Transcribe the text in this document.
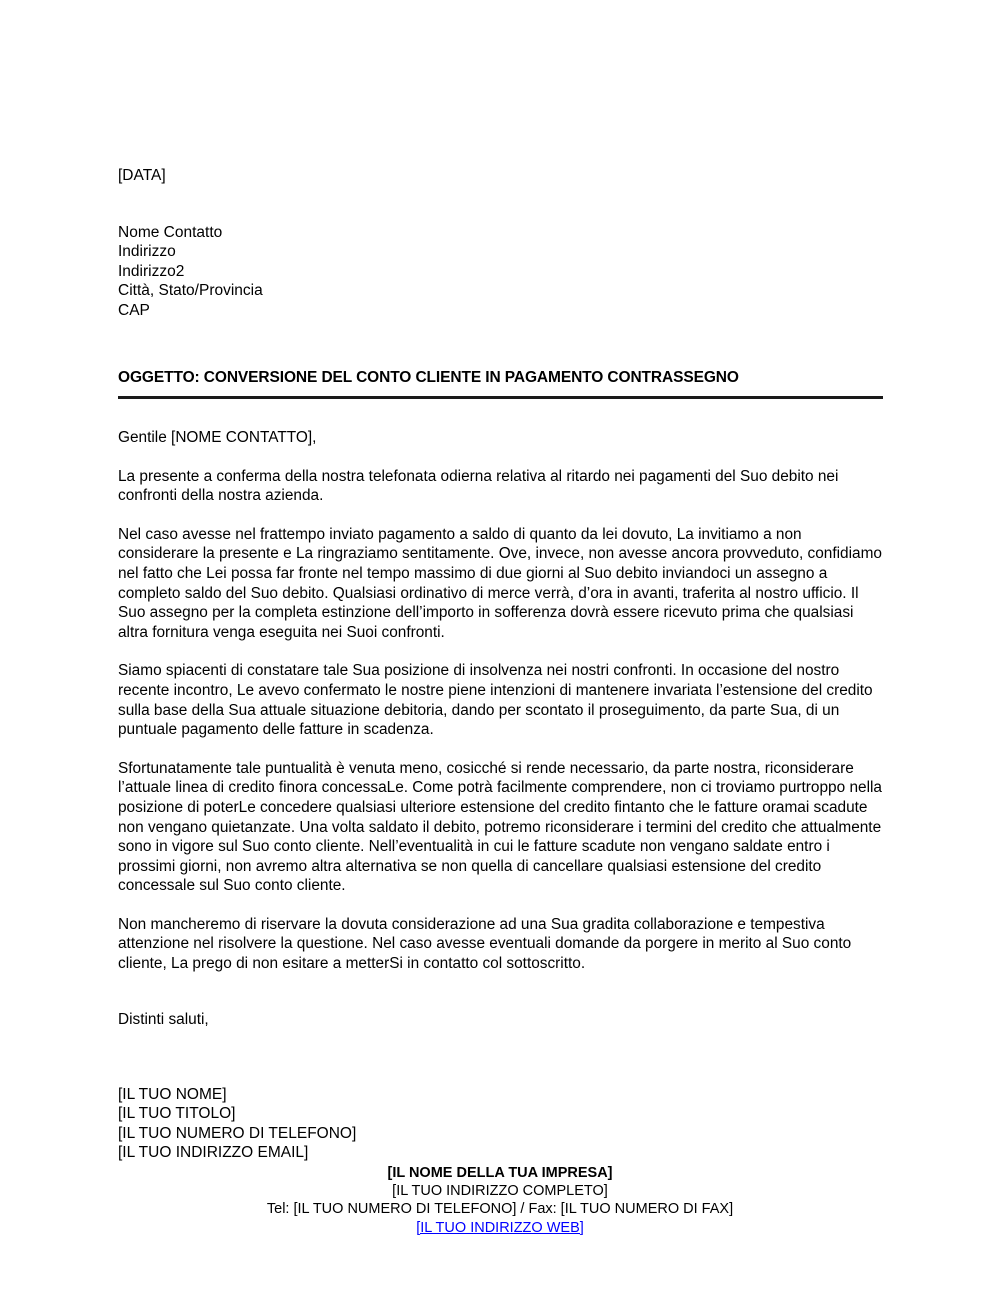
[DATA]
Nome Contatto
Indirizzo
Indirizzo2
Città, Stato/Provincia
CAP
OGGETTO: CONVERSIONE DEL CONTO CLIENTE IN PAGAMENTO CONTRASSEGNO

Gentile [NOME CONTATTO],

La presente a conferma della nostra telefonata odierna relativa al ritardo nei pagamenti del Suo debito nei confronti della nostra azienda.

Nel caso avesse nel frattempo inviato pagamento a saldo di quanto da lei dovuto, La invitiamo a non considerare la presente e La ringraziamo sentitamente. Ove, invece, non avesse ancora provveduto, confidiamo nel fatto che Lei possa far fronte nel tempo massimo di due giorni al Suo debito inviandoci un assegno a completo saldo del Suo debito. Qualsiasi ordinativo di merce verrà, d’ora in avanti, traferita al nostro ufficio. Il Suo assegno per la completa estinzione dell’importo in sofferenza dovrà essere ricevuto prima che qualsiasi altra fornitura venga eseguita nei Suoi confronti.

Siamo spiacenti di constatare tale Sua posizione di insolvenza nei nostri confronti. In occasione del nostro recente incontro, Le avevo confermato le nostre piene intenzioni di mantenere invariata l’estensione del credito sulla base della Sua attuale situazione debitoria, dando per scontato il proseguimento, da parte Sua, di un puntuale pagamento delle fatture in scadenza.

Sfortunatamente tale puntualità è venuta meno, cosicché si rende necessario, da parte nostra, riconsiderare l’attuale linea di credito finora concessaLe. Come potrà facilmente comprendere, non ci troviamo purtroppo nella posizione di poterLe concedere qualsiasi ulteriore estensione del credito fintanto che le fatture oramai scadute non vengano quietanzate. Una volta saldato il debito, potremo riconsiderare i termini del credito che attualmente sono in vigore sul Suo conto cliente. Nell’eventualità in cui le fatture scadute non vengano saldate entro i prossimi giorni, non avremo altra alternativa se non quella di cancellare qualsiasi estensione del credito concessale sul Suo conto cliente.

Non mancheremo di riservare la dovuta considerazione ad una Sua gradita collaborazione e tempestiva attenzione nel risolvere la questione. Nel caso avesse eventuali domande da porgere in merito al Suo conto cliente, La prego di non esitare a metterSi in contatto col sottoscritto.

Distinti saluti,

[IL TUO NOME]
[IL TUO TITOLO]
[IL TUO NUMERO DI TELEFONO]
[IL TUO INDIRIZZO EMAIL]
[IL NOME DELLA TUA IMPRESA]
[IL TUO INDIRIZZO COMPLETO]
Tel: [IL TUO NUMERO DI TELEFONO] / Fax: [IL TUO NUMERO DI FAX]
[IL TUO INDIRIZZO WEB]
